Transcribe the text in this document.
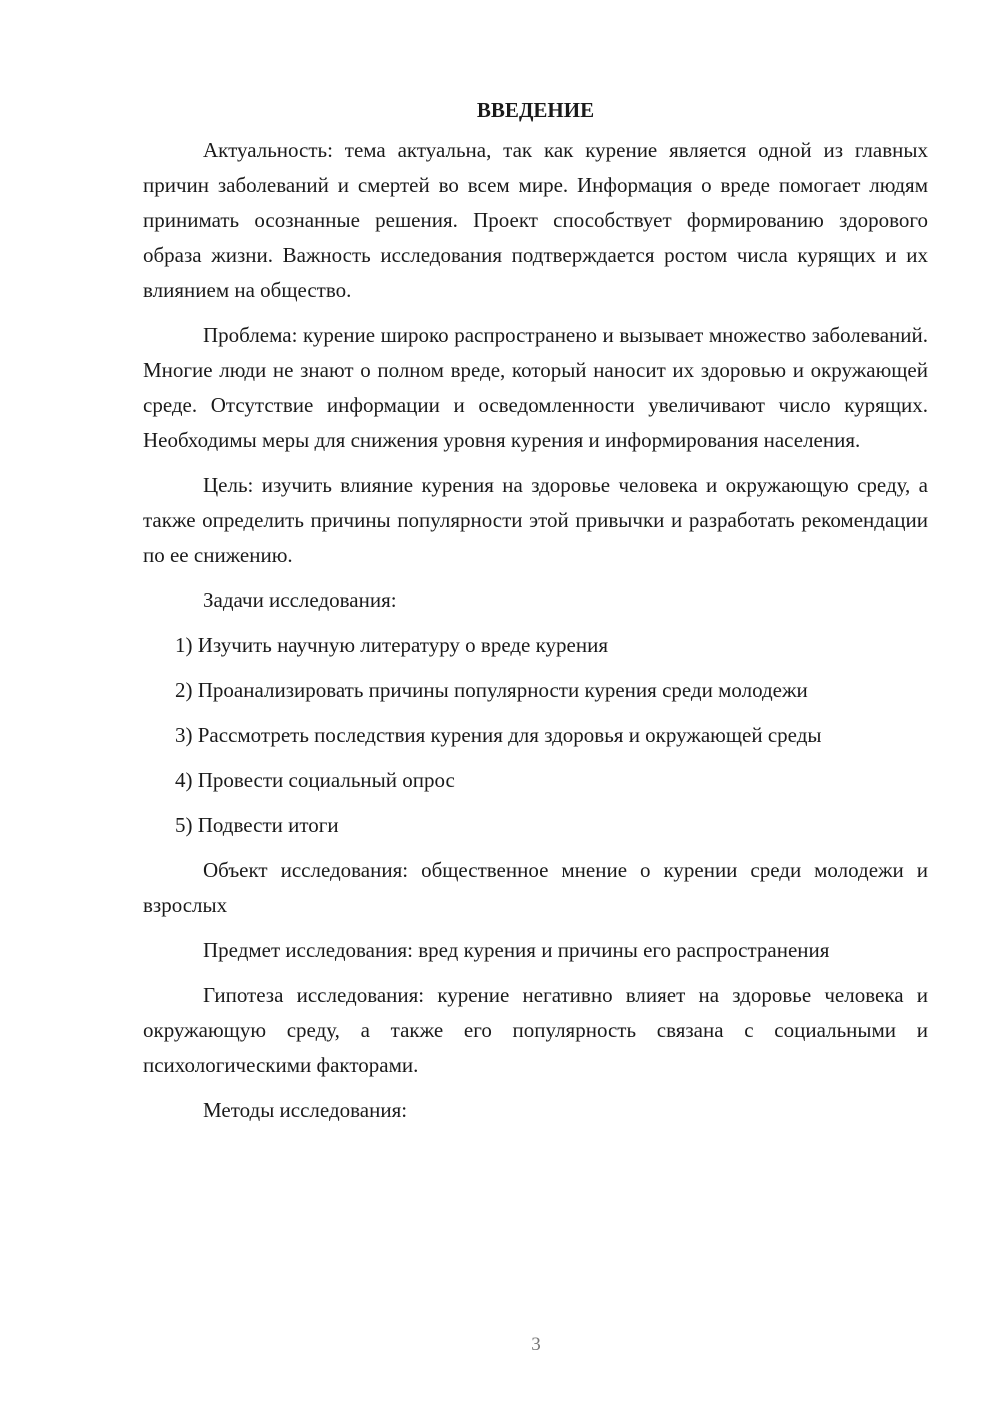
ВВЕДЕНИЕ

Актуальность: тема актуальна, так как курение является одной из главных причин заболеваний и смертей во всем мире. Информация о вреде помогает людям принимать осознанные решения. Проект способствует формированию здорового образа жизни. Важность исследования подтверждается ростом числа курящих и их влиянием на общество.

Проблема: курение широко распространено и вызывает множество заболеваний. Многие люди не знают о полном вреде, который наносит их здоровью и окружающей среде. Отсутствие информации и осведомленности увеличивают число курящих. Необходимы меры для снижения уровня курения и информирования населения.

Цель: изучить влияние курения на здоровье человека и окружающую среду, а также определить причины популярности этой привычки и разработать рекомендации по ее снижению.

Задачи исследования:

1) Изучить научную литературу о вреде курения

2) Проанализировать причины популярности курения среди молодежи

3) Рассмотреть последствия курения для здоровья и окружающей среды

4) Провести социальный опрос

5) Подвести итоги

Объект исследования: общественное мнение о курении среди молодежи и взрослых

Предмет исследования: вред курения и причины его распространения

Гипотеза исследования: курение негативно влияет на здоровье человека и окружающую среду, а также его популярность связана с социальными и психологическими факторами.

Методы исследования:

3
